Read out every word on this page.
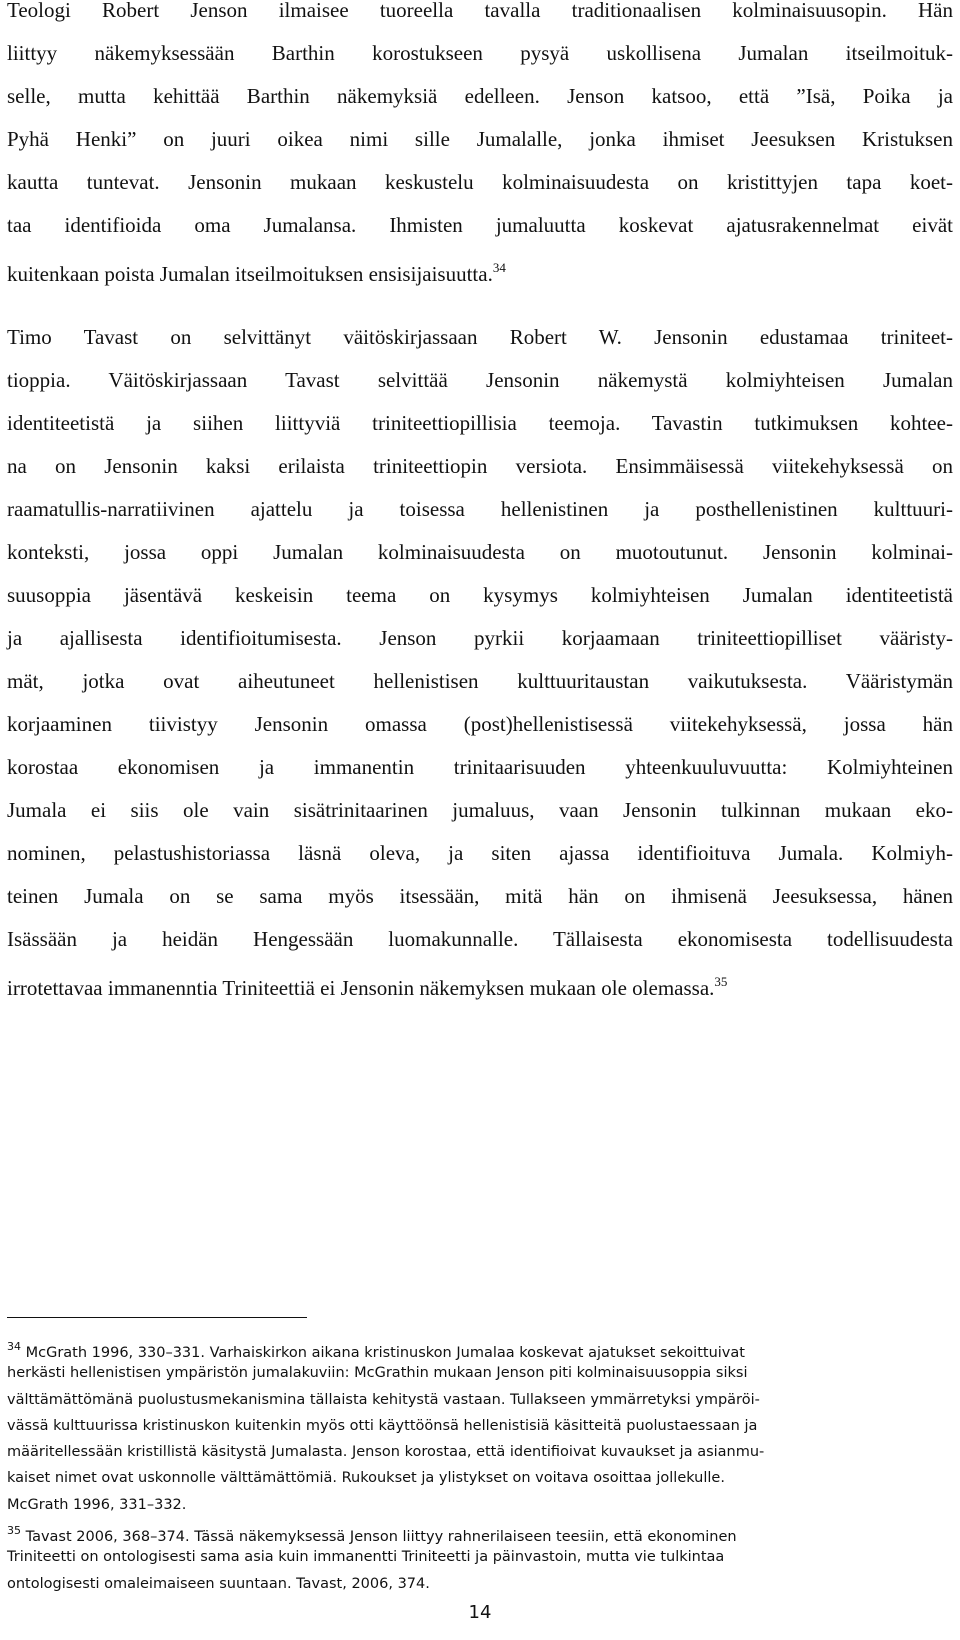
Teologi Robert Jenson ilmaisee tuoreella tavalla traditionaalisen kolminaisuusopin. Hän
liittyy näkemyksessään Barthin korostukseen pysyä uskollisena Jumalan itseilmoituk-
selle, mutta kehittää Barthin näkemyksiä edelleen. Jenson katsoo, että ”Isä, Poika ja
Pyhä Henki” on juuri oikea nimi sille Jumalalle, jonka ihmiset Jeesuksen Kristuksen
kautta tuntevat. Jensonin mukaan keskustelu kolminaisuudesta on kristittyjen tapa koet-
taa identifioida oma Jumalansa. Ihmisten jumaluutta koskevat ajatusrakennelmat eivät
kuitenkaan poista Jumalan itseilmoituksen ensisijaisuutta.$^{34}$

Timo Tavast on selvittänyt väitöskirjassaan Robert W. Jensonin edustamaa triniteet-
tioppia. Väitöskirjassaan Tavast selvittää Jensonin näkemystä kolmiyhteisen Jumalan
identiteetistä ja siihen liittyviä triniteettiopillisia teemoja. Tavastin tutkimuksen kohtee-
na on Jensonin kaksi erilaista triniteettiopin versiota. Ensimmäisessä viitekehyksessä on
raamatullis-narratiivinen ajattelu ja toisessa hellenistinen ja posthellenistinen kulttuuri-
konteksti, jossa oppi Jumalan kolminaisuudesta on muotoutunut. Jensonin kolminai-
suusoppia jäsentävä keskeisin teema on kysymys kolmiyhteisen Jumalan identiteetistä
ja ajallisesta identifioitumisesta. Jenson pyrkii korjaamaan triniteettiopilliset vääristy-
mät, jotka ovat aiheutuneet hellenistisen kulttuuritaustan vaikutuksesta. Vääristymän
korjaaminen tiivistyy Jensonin omassa (post)hellenistisessä viitekehyksessä, jossa hän
korostaa ekonomisen ja immanentin trinitaarisuuden yhteenkuuluvuutta: Kolmiyhteinen
Jumala ei siis ole vain sisätrinitaarinen jumaluus, vaan Jensonin tulkinnan mukaan eko-
nominen, pelastushistoriassa läsnä oleva, ja siten ajassa identifioituva Jumala. Kolmiyh-
teinen Jumala on se sama myös itsessään, mitä hän on ihmisenä Jeesuksessa, hänen
Isässään ja heidän Hengessään luomakunnalle. Tällaisesta ekonomisesta todellisuudesta
irrotettavaa immanenntia Triniteettiä ei Jensonin näkemyksen mukaan ole olemassa.$^{35}$

$^{34}$ McGrath 1996, 330–331. Varhaiskirkon aikana kristinuskon Jumalaa koskevat ajatukset sekoittuivat
herkästi hellenistisen ympäristön jumalakuviin: McGrathin mukaan Jenson piti kolminaisuusoppia siksi
välttämättömänä puolustusmekanismina tällaista kehitystä vastaan. Tullakseen ymmärretyksi ympäröi-
vässä kulttuurissa kristinuskon kuitenkin myös otti käyttöönsä hellenistisiä käsitteitä puolustaessaan ja
määritellessään kristillistä käsitystä Jumalasta. Jenson korostaa, että identifioivat kuvaukset ja asianmu-
kaiset nimet ovat uskonnolle välttämättömiä. Rukoukset ja ylistykset on voitava osoittaa jollekulle.
McGrath 1996, 331–332.
$^{35}$ Tavast 2006, 368–374. Tässä näkemyksessä Jenson liittyy rahnerilaiseen teesiin, että ekonominen
Triniteetti on ontologisesti sama asia kuin immanentti Triniteetti ja päinvastoin, mutta vie tulkintaa
ontologisesti omaleimaiseen suuntaan. Tavast, 2006, 374.
14
